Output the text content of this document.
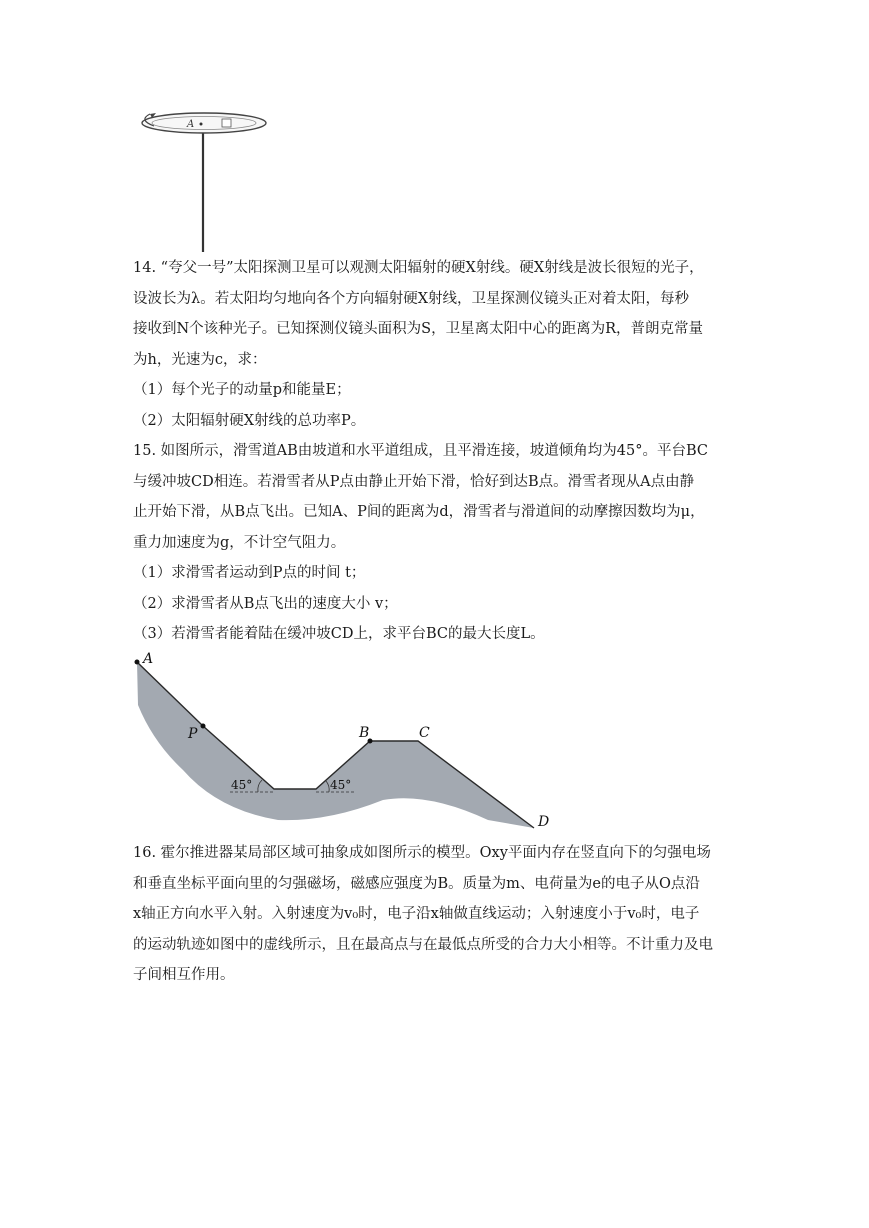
A
14. “夸父一号”太阳探测卫星可以观测太阳辐射的硬X射线。硬X射线是波长很短的光子，
设波长为λ。若太阳均匀地向各个方向辐射硬X射线，卫星探测仪镜头正对着太阳，每秒
接收到N个该种光子。已知探测仪镜头面积为S，卫星离太阳中心的距离为R，普朗克常量
为h，光速为c，求：
（1）每个光子的动量p和能量E；
（2）太阳辐射硬X射线的总功率P。
15. 如图所示，滑雪道AB由坡道和水平道组成，且平滑连接，坡道倾角均为45°。平台BC
与缓冲坡CD相连。若滑雪者从P点由静止开始下滑，恰好到达B点。滑雪者现从A点由静
止开始下滑，从B点飞出。已知A、P间的距离为d，滑雪者与滑道间的动摩擦因数均为μ，
重力加速度为g，不计空气阻力。
（1）求滑雪者运动到P点的时间 t；
（2）求滑雪者从B点飞出的速度大小 v；
（3）若滑雪者能着陆在缓冲坡CD上，求平台BC的最大长度L。
A
P	B	C
D
45°	45°
16. 霍尔推进器某局部区域可抽象成如图所示的模型。Oxy平面内存在竖直向下的匀强电场
和垂直坐标平面向里的匀强磁场，磁感应强度为B。质量为m、电荷量为e的电子从O点沿
x轴正方向水平入射。入射速度为v₀时，电子沿x轴做直线运动；入射速度小于v₀时，电子
的运动轨迹如图中的虚线所示，且在最高点与在最低点所受的合力大小相等。不计重力及电
子间相互作用。
